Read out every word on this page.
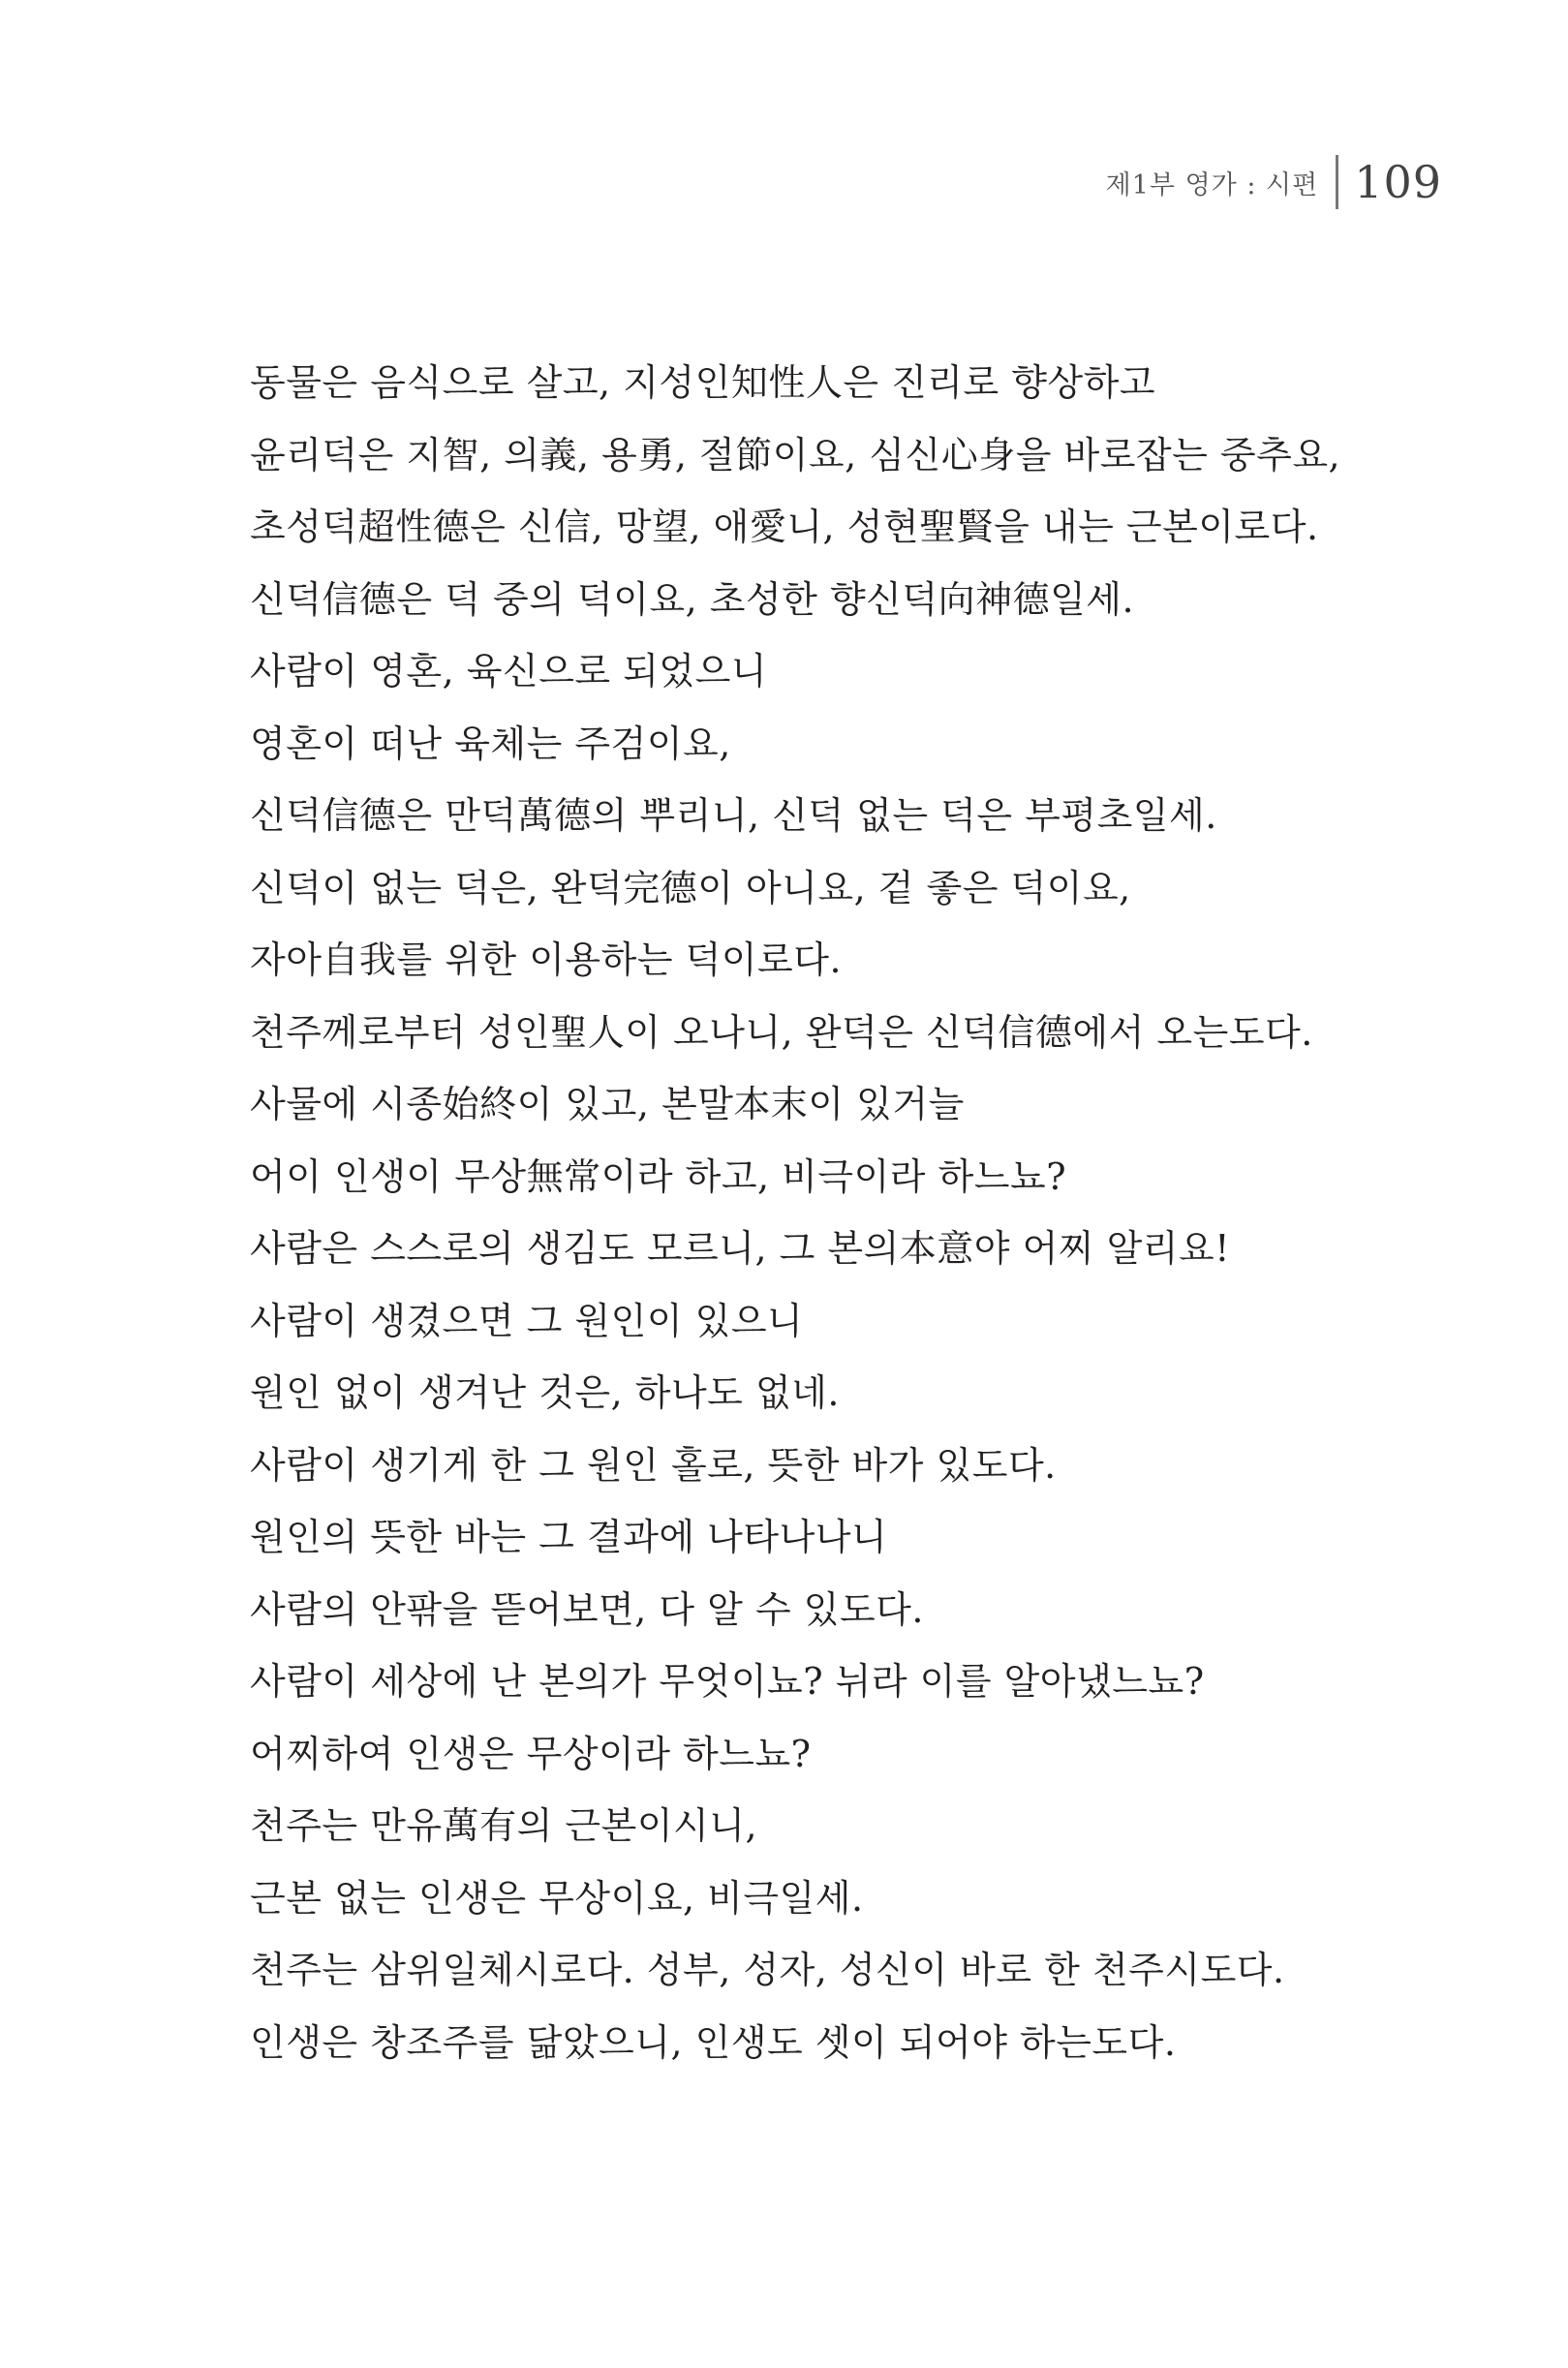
제1부 영가 : 시편 109
동물은 음식으로 살고, 지성인知性人은 진리로 향상하고
윤리덕은 지智, 의義, 용勇, 절節이요, 심신心身을 바로잡는 중추요,
초성덕超性德은 신信, 망望, 애愛니, 성현聖賢을 내는 근본이로다.
신덕信德은 덕 중의 덕이요, 초성한 향신덕向神德일세.
사람이 영혼, 육신으로 되었으니
영혼이 떠난 육체는 주검이요,
신덕信德은 만덕萬德의 뿌리니, 신덕 없는 덕은 부평초일세.
신덕이 없는 덕은, 완덕完德이 아니요, 겉 좋은 덕이요,
자아自我를 위한 이용하는 덕이로다.
천주께로부터 성인聖人이 오나니, 완덕은 신덕信德에서 오는도다.
사물에 시종始終이 있고, 본말本末이 있거늘
어이 인생이 무상無常이라 하고, 비극이라 하느뇨?
사람은 스스로의 생김도 모르니, 그 본의本意야 어찌 알리요!
사람이 생겼으면 그 원인이 있으니
원인 없이 생겨난 것은, 하나도 없네.
사람이 생기게 한 그 원인 홀로, 뜻한 바가 있도다.
원인의 뜻한 바는 그 결과에 나타나나니
사람의 안팎을 뜯어보면, 다 알 수 있도다.
사람이 세상에 난 본의가 무엇이뇨? 뉘라 이를 알아냈느뇨?
어찌하여 인생은 무상이라 하느뇨?
천주는 만유萬有의 근본이시니,
근본 없는 인생은 무상이요, 비극일세.
천주는 삼위일체시로다. 성부, 성자, 성신이 바로 한 천주시도다.
인생은 창조주를 닮았으니, 인생도 셋이 되어야 하는도다.
